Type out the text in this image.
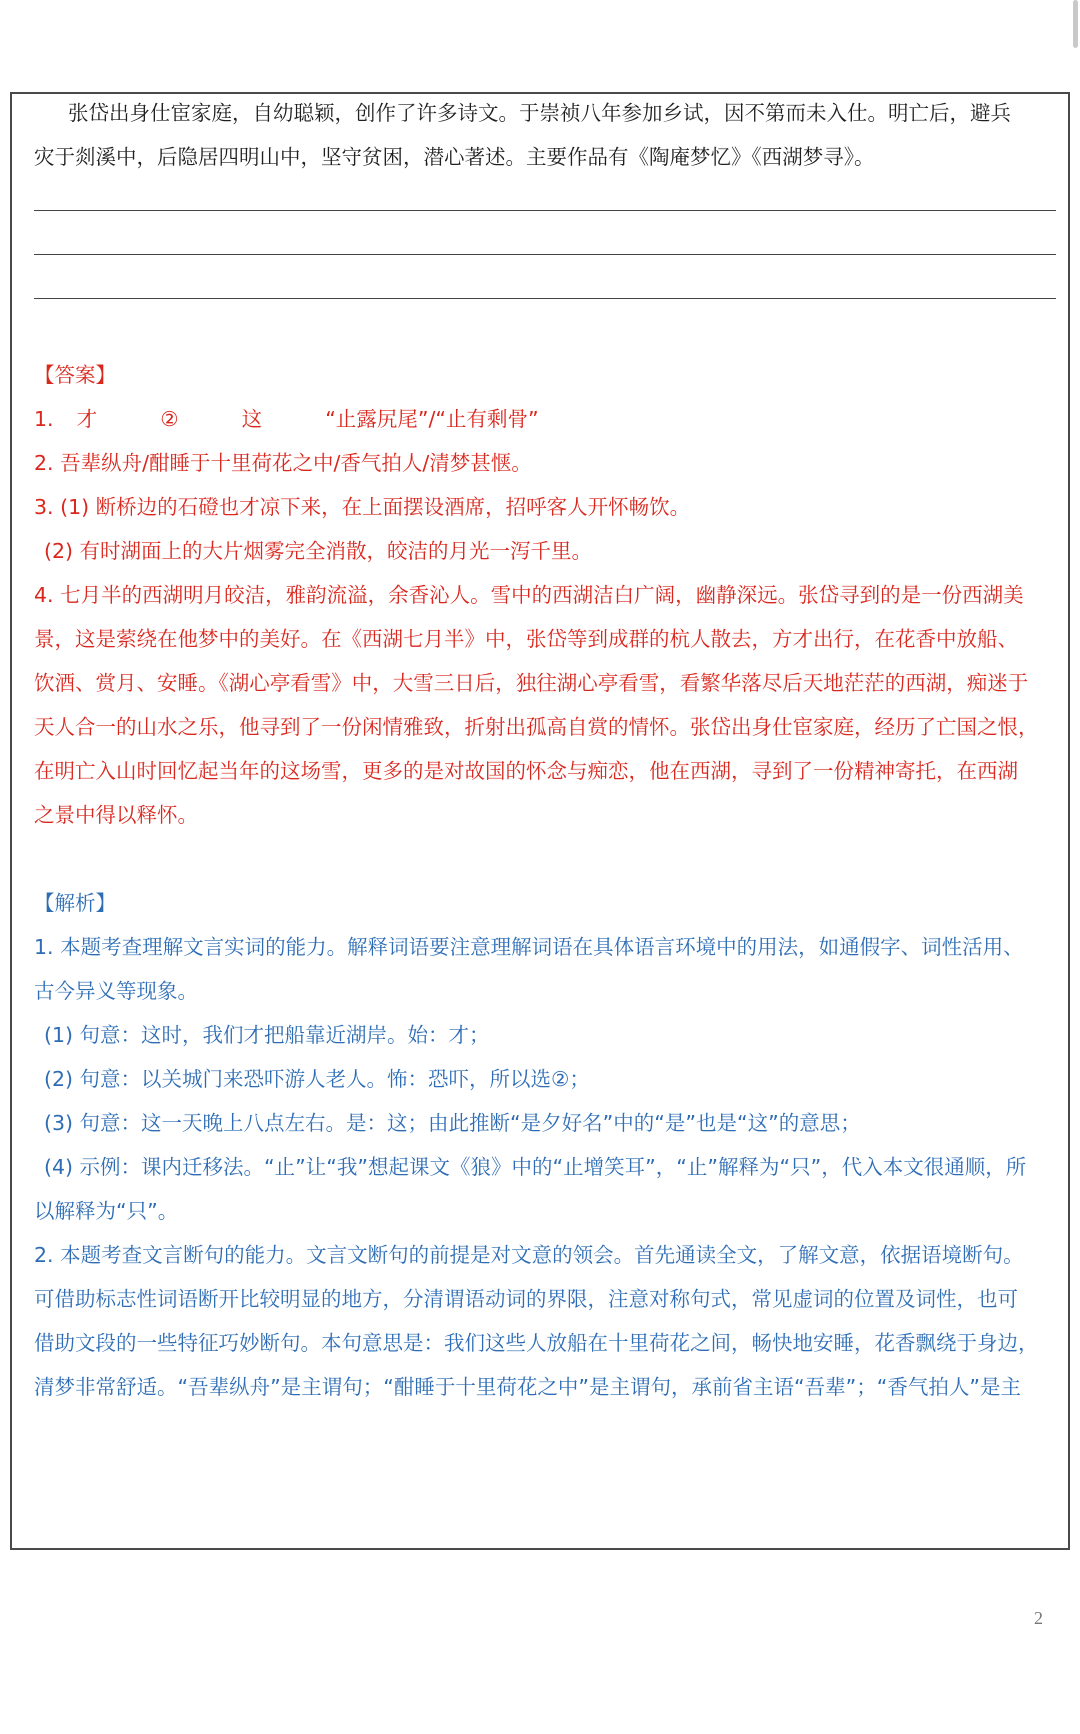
张岱出身仕宦家庭，自幼聪颖，创作了许多诗文。于崇祯八年参加乡试，因不第而未入仕。明亡后，避兵
灾于剡溪中，后隐居四明山中，坚守贫困，潜心著述。主要作品有《陶庵梦忆》《西湖梦寻》。
【答案】
1. 才	②	这	“止露尻尾”/“止有剩骨”
2. 吾辈纵舟/酣睡于十里荷花之中/香气拍人/清梦甚惬。
3. (1) 断桥边的石磴也才凉下来，在上面摆设酒席，招呼客人开怀畅饮。
(2) 有时湖面上的大片烟雾完全消散，皎洁的月光一泻千里。
4. 七月半的西湖明月皎洁，雅韵流溢，余香沁人。雪中的西湖洁白广阔，幽静深远。张岱寻到的是一份西湖美
景，这是萦绕在他梦中的美好。在《西湖七月半》中，张岱等到成群的杭人散去，方才出行，在花香中放船、
饮酒、赏月、安睡。《湖心亭看雪》中，大雪三日后，独往湖心亭看雪，看繁华落尽后天地茫茫的西湖，痴迷于
天人合一的山水之乐，他寻到了一份闲情雅致，折射出孤高自赏的情怀。张岱出身仕宦家庭，经历了亡国之恨，
在明亡入山时回忆起当年的这场雪，更多的是对故国的怀念与痴恋，他在西湖，寻到了一份精神寄托，在西湖
之景中得以释怀。
【解析】
1. 本题考查理解文言实词的能力。解释词语要注意理解词语在具体语言环境中的用法，如通假字、词性活用、
古今异义等现象。
(1) 句意：这时，我们才把船靠近湖岸。始：才；
(2) 句意：以关城门来恐吓游人老人。怖：恐吓，所以选②；
(3) 句意：这一天晚上八点左右。是：这；由此推断“是夕好名”中的“是”也是“这”的意思；
(4) 示例：课内迁移法。“止”让“我”想起课文《狼》中的“止增笑耳”，“止”解释为“只”，代入本文很通顺，所
以解释为“只”。
2. 本题考查文言断句的能力。文言文断句的前提是对文意的领会。首先通读全文，了解文意，依据语境断句。
可借助标志性词语断开比较明显的地方，分清谓语动词的界限，注意对称句式，常见虚词的位置及词性，也可
借助文段的一些特征巧妙断句。本句意思是：我们这些人放船在十里荷花之间，畅快地安睡，花香飘绕于身边，
清梦非常舒适。“吾辈纵舟”是主谓句；“酣睡于十里荷花之中”是主谓句，承前省主语“吾辈”；“香气拍人”是主
2
